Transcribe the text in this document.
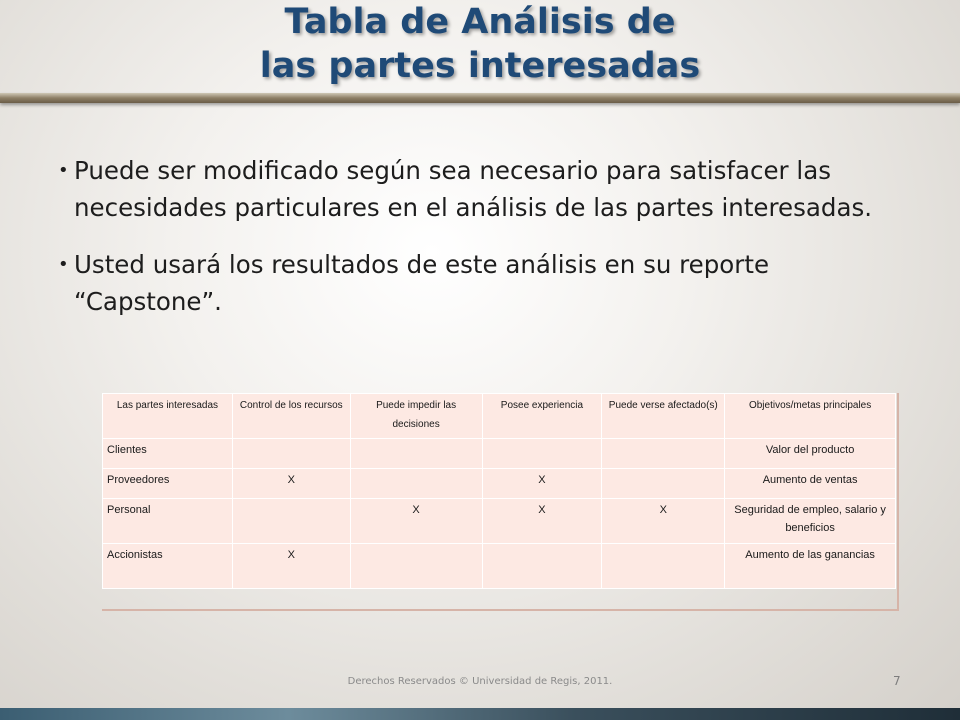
Tabla de Análisis de
las partes interesadas
• Puede ser modificado según sea necesario para satisfacer las necesidades particulares en el análisis de las partes interesadas.
• Usted usará los resultados de este análisis en su reporte “Capstone”.
Las partes interesadas	Control de los recursos	Puede impedir las decisiones	Posee experiencia	Puede verse afectado(s)	Objetivos/metas principales
Clientes					Valor del producto
Proveedores	X		X		Aumento de ventas
Personal		X	X	X	Seguridad de empleo, salario y beneficios
Accionistas	X				Aumento de las ganancias
Derechos Reservados © Universidad de Regis, 2011.	7
